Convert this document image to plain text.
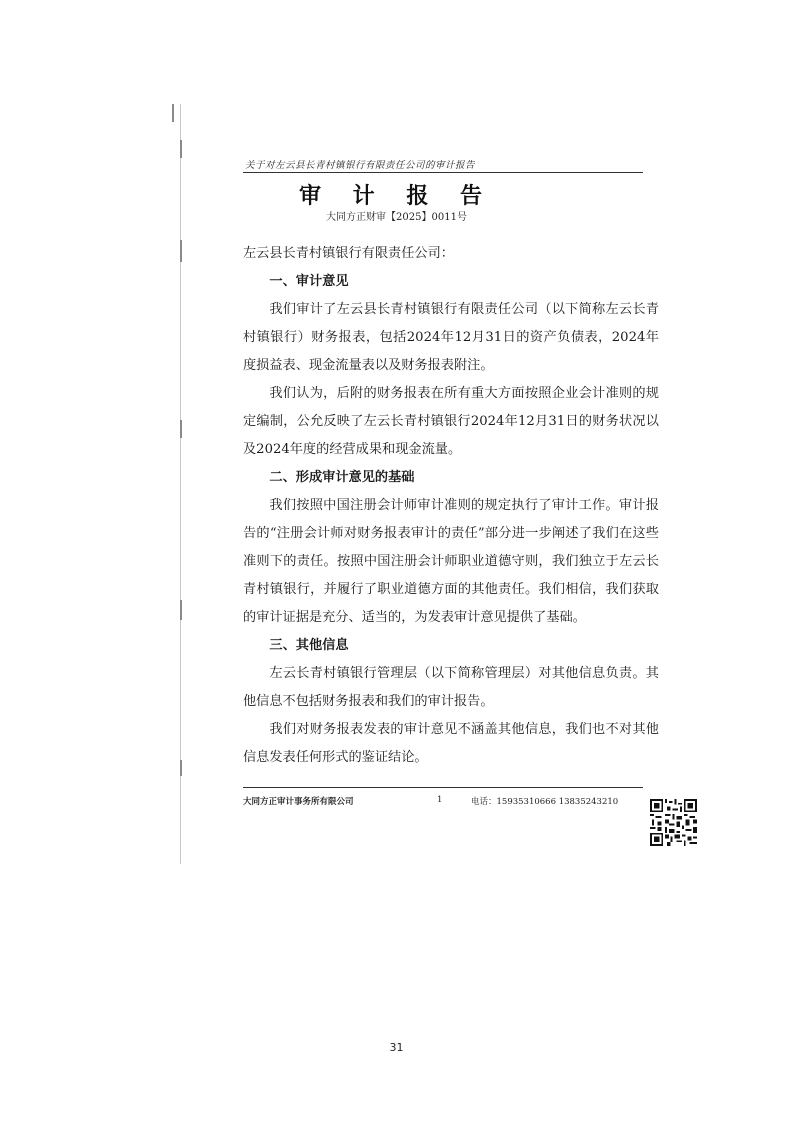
关于对左云县长青村镇银行有限责任公司的审计报告
审 计 报 告
大同方正财审【2025】0011号

左云县长青村镇银行有限责任公司：

一、审计意见

我们审计了左云县长青村镇银行有限责任公司（以下简称左云长青村镇银行）财务报表，包括2024年12月31日的资产负债表，2024年度损益表、现金流量表以及财务报表附注。

我们认为，后附的财务报表在所有重大方面按照企业会计准则的规定编制，公允反映了左云长青村镇银行2024年12月31日的财务状况以及2024年度的经营成果和现金流量。

二、形成审计意见的基础

我们按照中国注册会计师审计准则的规定执行了审计工作。审计报告的“注册会计师对财务报表审计的责任”部分进一步阐述了我们在这些准则下的责任。按照中国注册会计师职业道德守则，我们独立于左云长青村镇银行，并履行了职业道德方面的其他责任。我们相信，我们获取的审计证据是充分、适当的，为发表审计意见提供了基础。

三、其他信息

左云长青村镇银行管理层（以下简称管理层）对其他信息负责。其他信息不包括财务报表和我们的审计报告。

我们对财务报表发表的审计意见不涵盖其他信息，我们也不对其他信息发表任何形式的鉴证结论。

大同方正审计事务所有限公司	1	电话：15935310666 13835243210
31
